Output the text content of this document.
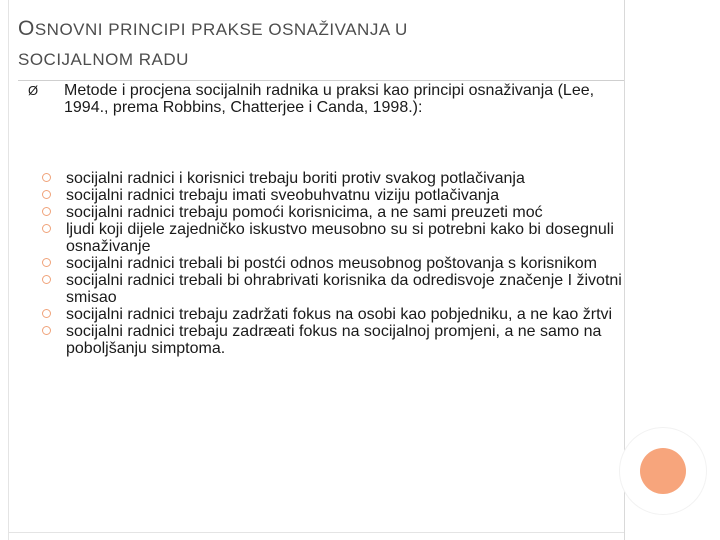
OSNOVNI PRINCIPI PRAKSE OSNAŽIVANJA U
SOCIJALNOM RADU
Ø Metode i procjena socijalnih radnika u praksi kao principi osnaživanja (Lee, 1994., prema Robbins, Chatterjee i Canda, 1998.):
socijalni radnici i korisnici trebaju boriti protiv svakog potlačivanja
socijalni radnici trebaju imati sveobuhvatnu viziju potlačivanja
socijalni radnici trebaju pomoći korisnicima, a ne sami preuzeti moć
ljudi koji dijele zajedničko iskustvo meusobno su si potrebni kako bi dosegnuli osnaživanje
socijalni radnici trebali bi postći odnos meusobnog poštovanja s korisnikom
socijalni radnici trebali bi ohrabrivati korisnika da odredisvoje značenje I životni smisao
socijalni radnici trebaju zadržati fokus na osobi kao pobjedniku, a ne kao žrtvi
socijalni radnici trebaju zadræati fokus na socijalnoj promjeni, a ne samo na poboljšanju simptoma.
